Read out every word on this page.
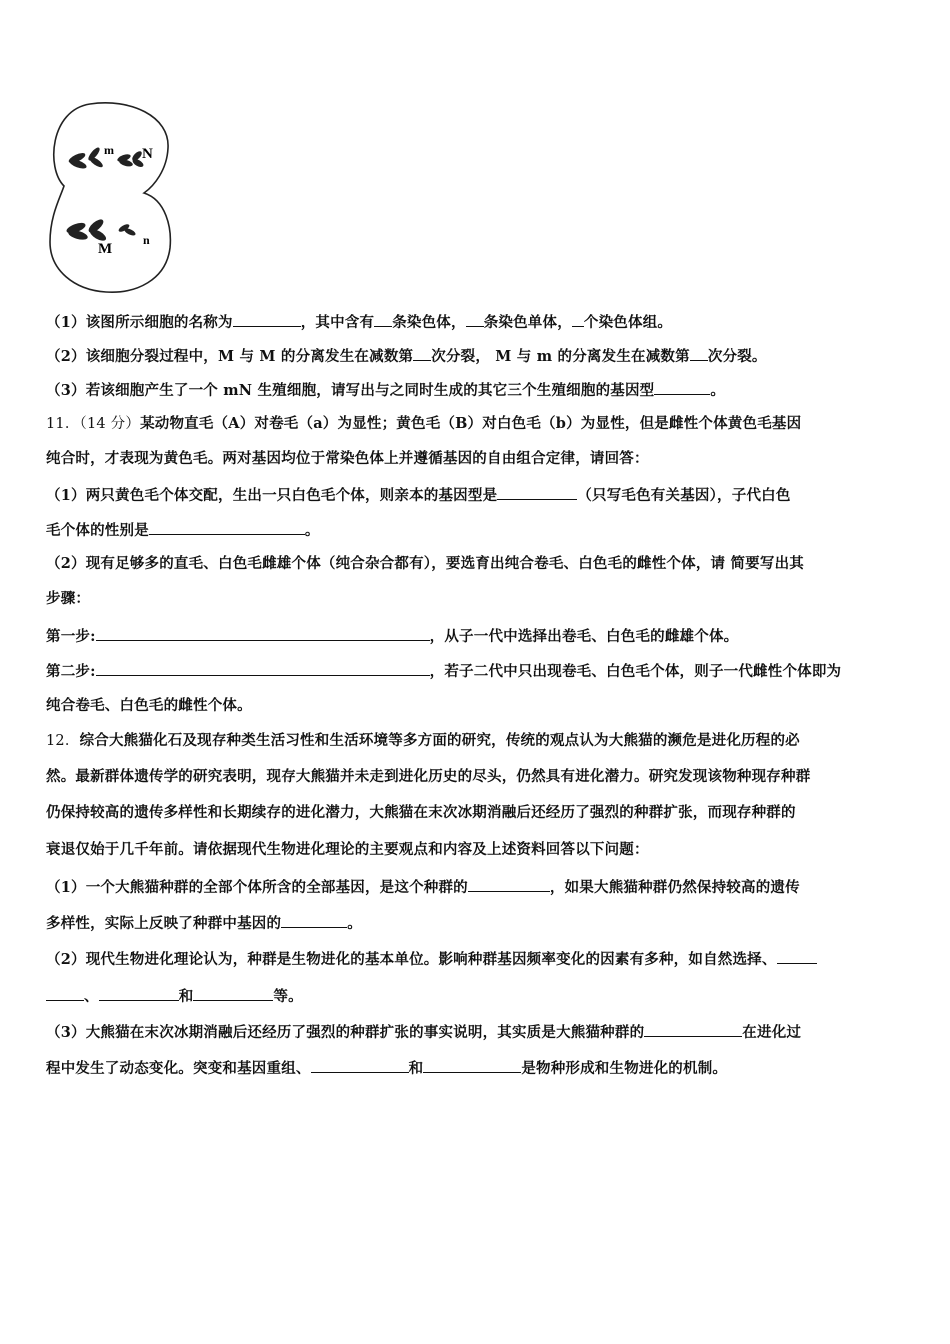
m N
M
n
（1）该图所示细胞的名称为	，其中含有 条染色体， 条染色单体， 个染色体组。
（2）该细胞分裂过程中，M 与 M 的分离发生在减数第 次分裂， M 与 m 的分离发生在减数第 次分裂。
（3）若该细胞产生了一个 mN 生殖细胞，请写出与之同时生成的其它三个生殖细胞的基因型	。
11．（14 分）某动物直毛（A）对卷毛（a）为显性；黄色毛（B）对白色毛（b）为显性，但是雌性个体黄色毛基因
纯合时，才表现为黄色毛。两对基因均位于常染色体上并遵循基因的自由组合定律，请回答：
（1）两只黄色毛个体交配，生出一只白色毛个体，则亲本的基因型是	（只写毛色有关基因），子代白色
毛个体的性别是	。
（2）现有足够多的直毛、白色毛雌雄个体（纯合杂合都有），要选育出纯合卷毛、白色毛的雌性个体，请 简要写出其
步骤：
第一步:	，从子一代中选择出卷毛、白色毛的雌雄个体。
第二步:	，若子二代中只出现卷毛、白色毛个体，则子一代雌性个体即为
纯合卷毛、白色毛的雌性个体。
12．综合大熊猫化石及现存种类生活习性和生活环境等多方面的研究，传统的观点认为大熊猫的濒危是进化历程的必
然。最新群体遗传学的研究表明，现存大熊猫并未走到进化历史的尽头，仍然具有进化潜力。研究发现该物种现存种群
仍保持较高的遗传多样性和长期续存的进化潜力，大熊猫在末次冰期消融后还经历了强烈的种群扩张，而现存种群的
衰退仅始于几千年前。请依据现代生物进化理论的主要观点和内容及上述资料回答以下问题：
（1）一个大熊猫种群的全部个体所含的全部基因，是这个种群的	，如果大熊猫种群仍然保持较高的遗传
多样性，实际上反映了种群中基因的	。
（2）现代生物进化理论认为，种群是生物进化的基本单位。影响种群基因频率变化的因素有多种，如自然选择、
、	和	等。
（3）大熊猫在末次冰期消融后还经历了强烈的种群扩张的事实说明，其实质是大熊猫种群的	在进化过
程中发生了动态变化。突变和基因重组、	和	是物种形成和生物进化的机制。
